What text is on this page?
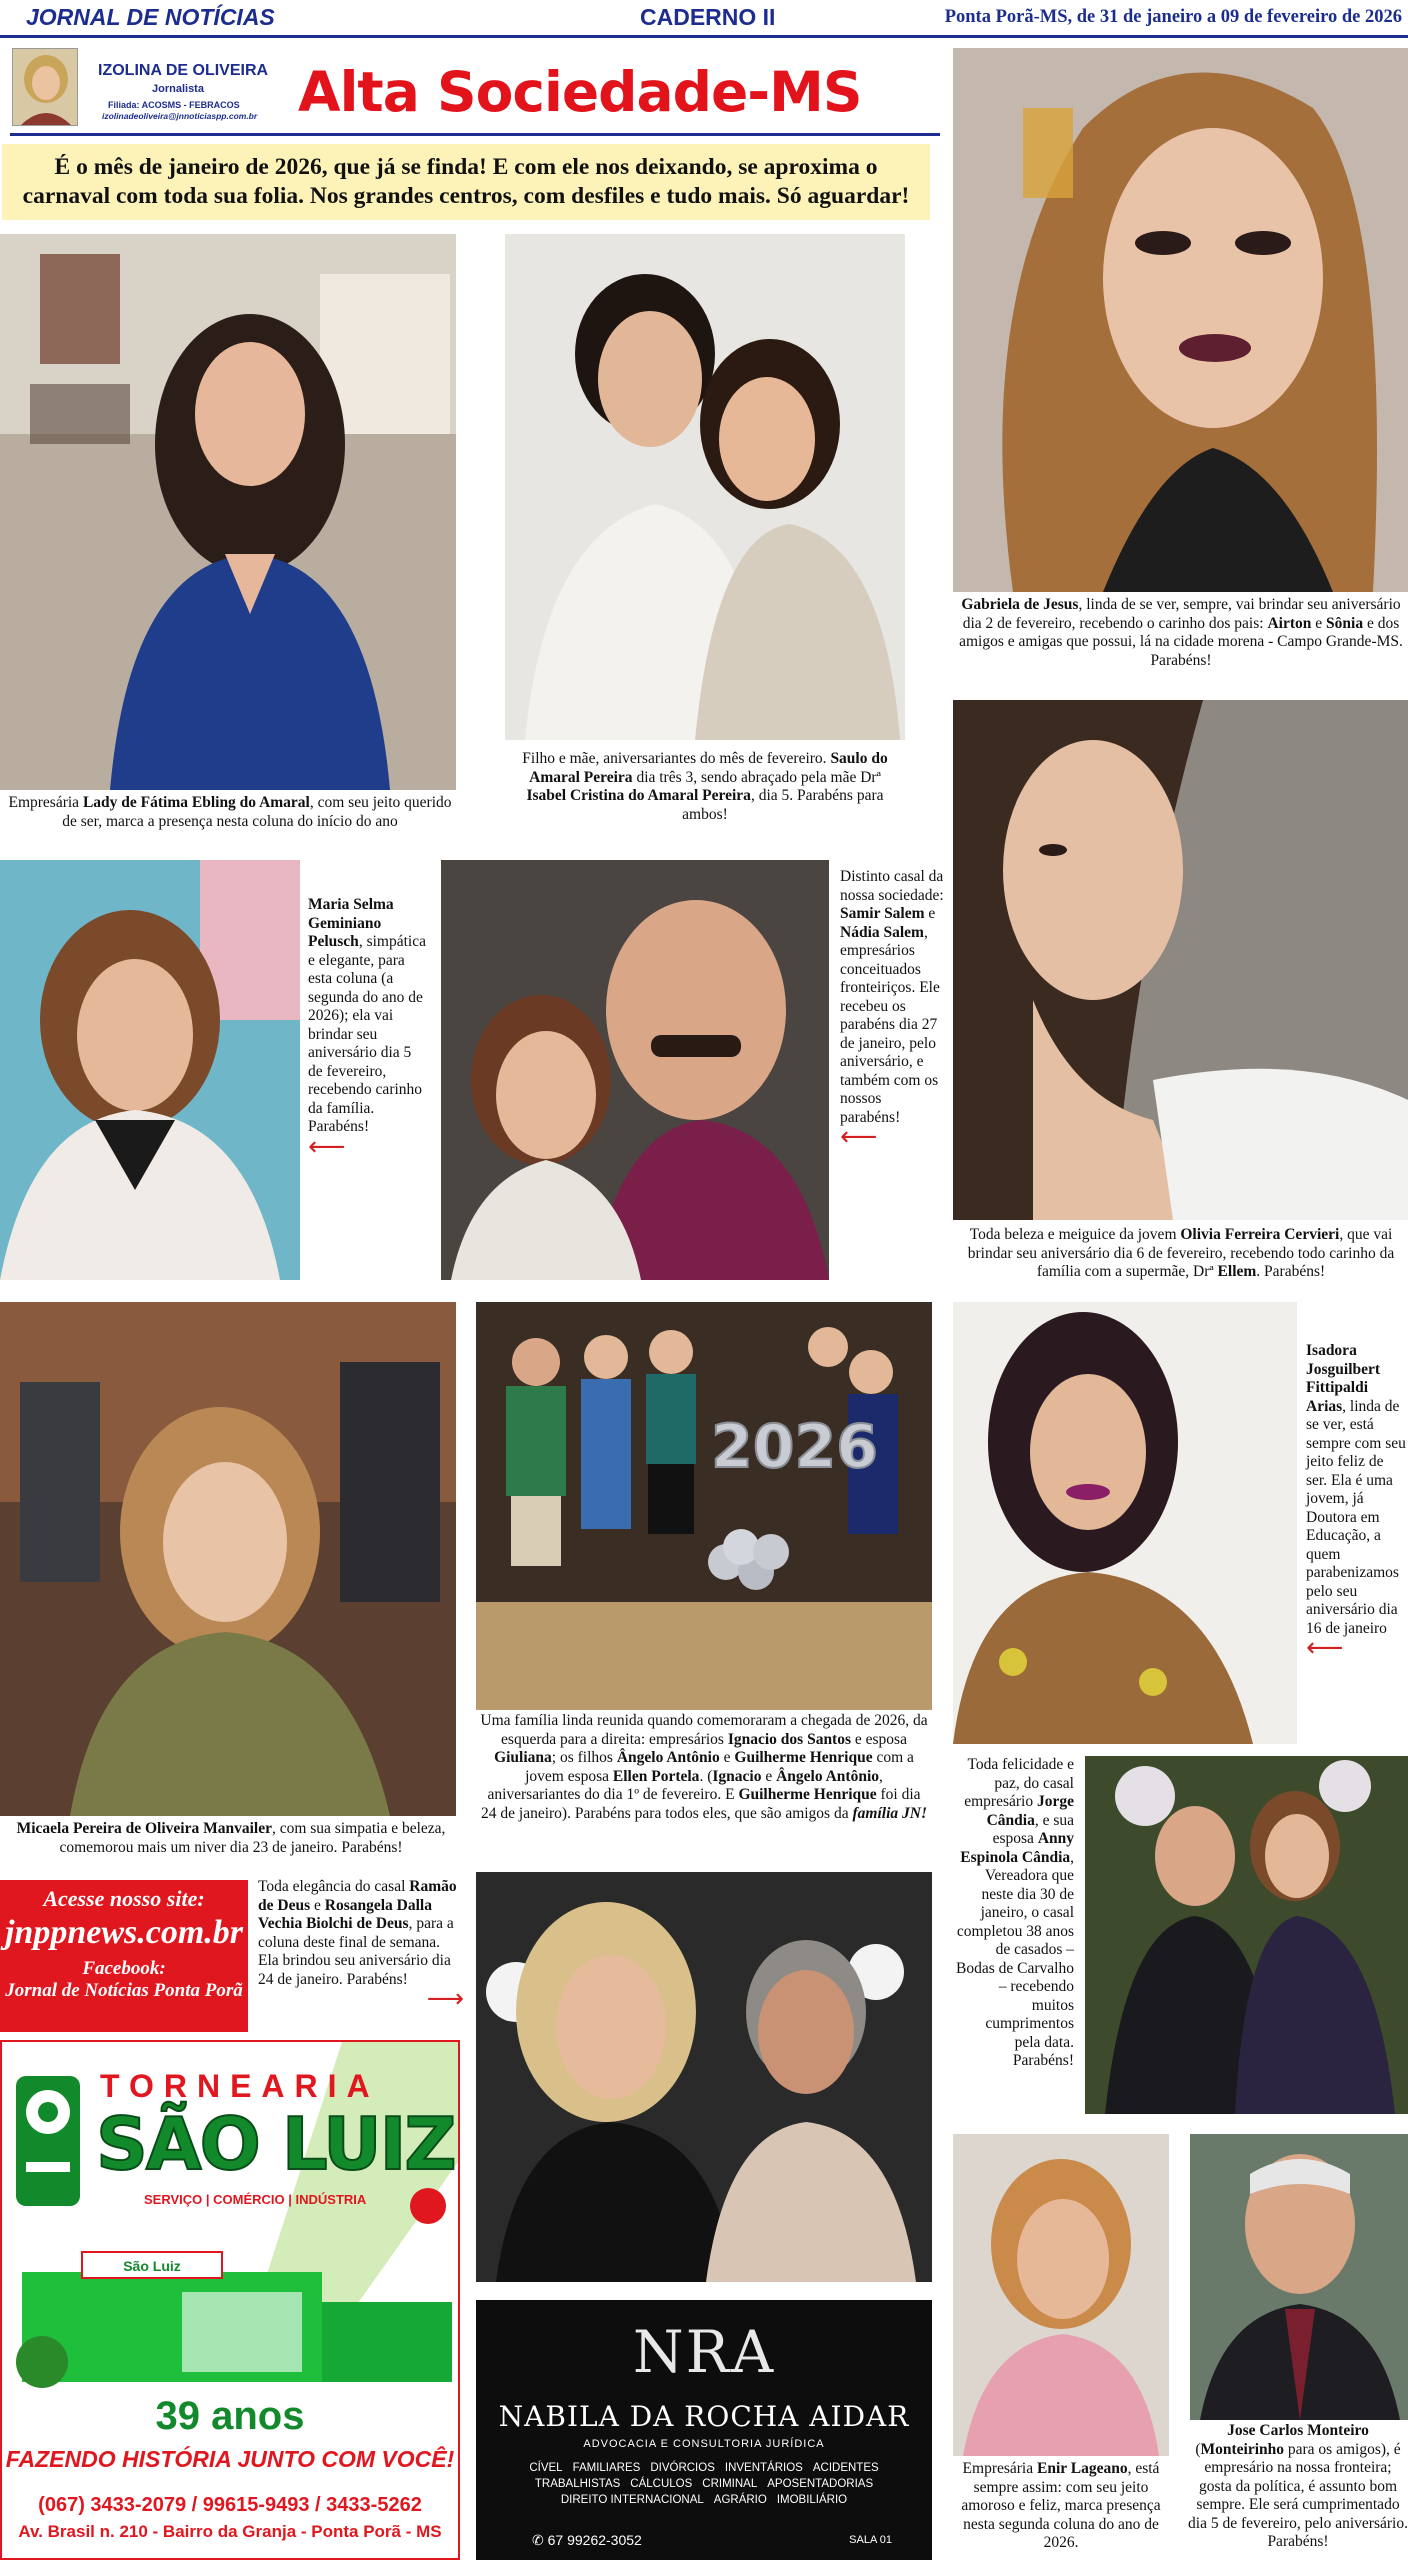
JORNAL DE NOTÍCIAS	CADERNO II	Ponta Porã-MS, de 31 de janeiro a 09 de fevereiro de 2026
IZOLINA DE OLIVEIRA
Jornalista
Filiada: ACOSMS - FEBRACOS
izolinadeoliveira@jnnoticiaspp.com.br Alta Sociedade-MS
É o mês de janeiro de 2026, que já se finda! E com ele nos deixando, se aproxima o carnaval com toda sua folia. Nos grandes centros, com desfiles e tudo mais. Só aguardar!
2026
Empresária Lady de Fátima Ebling do Amaral, com seu jeito querido de ser, marca a presença nesta coluna do início do ano
Filho e mãe, aniversariantes do mês de fevereiro. Saulo do Amaral Pereira dia três 3, sendo abraçado pela mãe Drª Isabel Cristina do Amaral Pereira, dia 5. Parabéns para ambos!
Gabriela de Jesus, linda de se ver, sempre, vai brindar seu aniversário dia 2 de fevereiro, recebendo o carinho dos pais: Airton e Sônia e dos amigos e amigas que possui, lá na cidade morena - Campo Grande-MS. Parabéns!
Toda beleza e meiguice da jovem Olivia Ferreira Cervieri, que vai brindar seu aniversário dia 6 de fevereiro, recebendo todo carinho da família com a supermãe, Drª Ellem. Parabéns!
Maria Selma Geminiano Pelusch, simpática e elegante, para esta coluna (a segunda do ano de 2026); ela vai brindar seu aniversário dia 5 de fevereiro, recebendo carinho da família. Parabéns!
⟵
Distinto casal da nossa sociedade: Samir Salem e Nádia Salem, empresários conceituados fronteiriços. Ele recebeu os parabéns dia 27 de janeiro, pelo aniversário, e também com os nossos parabéns!
⟵
Micaela Pereira de Oliveira Manvailer, com sua simpatia e beleza, comemorou mais um niver dia 23 de janeiro. Parabéns!
Uma família linda reunida quando comemoraram a chegada de 2026, da esquerda para a direita: empresários Ignacio dos Santos e esposa Giuliana; os filhos Ângelo Antônio e Guilherme Henrique com a jovem esposa Ellen Portela. (Ignacio e Ângelo Antônio, aniversariantes do dia 1º de fevereiro. E Guilherme Henrique foi dia 24 de janeiro). Parabéns para todos eles, que são amigos da família JN!
Isadora Josguilbert Fittipaldi Arias, linda de se ver, está sempre com seu jeito feliz de ser. Ela é uma jovem, já Doutora em Educação, a quem parabenizamos pelo seu aniversário dia 16 de janeiro
⟵
Toda elegância do casal Ramão de Deus e Rosangela Dalla Vechia Biolchi de Deus, para a coluna deste final de semana. Ela brindou seu aniversário dia 24 de janeiro. Parabéns!
⟶
Toda felicidade e paz, do casal empresário Jorge Cândia, e sua esposa Anny Espinola Cândia, Vereadora que neste dia 30 de janeiro, o casal completou 38 anos de casados – Bodas de Carvalho – recebendo muitos cumprimentos pela data. Parabéns!
Empresária Enir Lageano, está sempre assim: com seu jeito amoroso e feliz, marca presença nesta segunda coluna do ano de 2026.
Jose Carlos Monteiro (Monteirinho para os amigos), é empresário na nossa fronteira; gosta da política, é assunto bom sempre. Ele será cumprimentado dia 5 de fevereiro, pelo aniversário. Parabéns!
Acesse nosso site:
jnppnews.com.br
Facebook:
Jornal de Notícias Ponta Porã
São Luiz
TORNEARIA
SÃO LUIZ
SERVIÇO | COMÉRCIO | INDÚSTRIA
39 anos
FAZENDO HISTÓRIA JUNTO COM VOCÊ!
(067) 3433-2079 / 99615-9493 / 3433-5262
Av. Brasil n. 210 - Bairro da Granja - Ponta Porã - MS
NRA
NABILA DA ROCHA AIDAR
ADVOCACIA E CONSULTORIA JURÍDICA
CÍVEL FAMILIARES DIVÓRCIOS INVENTÁRIOS ACIDENTESTRABALHISTAS CÁLCULOS CRIMINAL APOSENTADORIASDIREITO INTERNACIONAL AGRÁRIO IMOBILIÁRIO
✆ 67 99262-3052	SALA 01
